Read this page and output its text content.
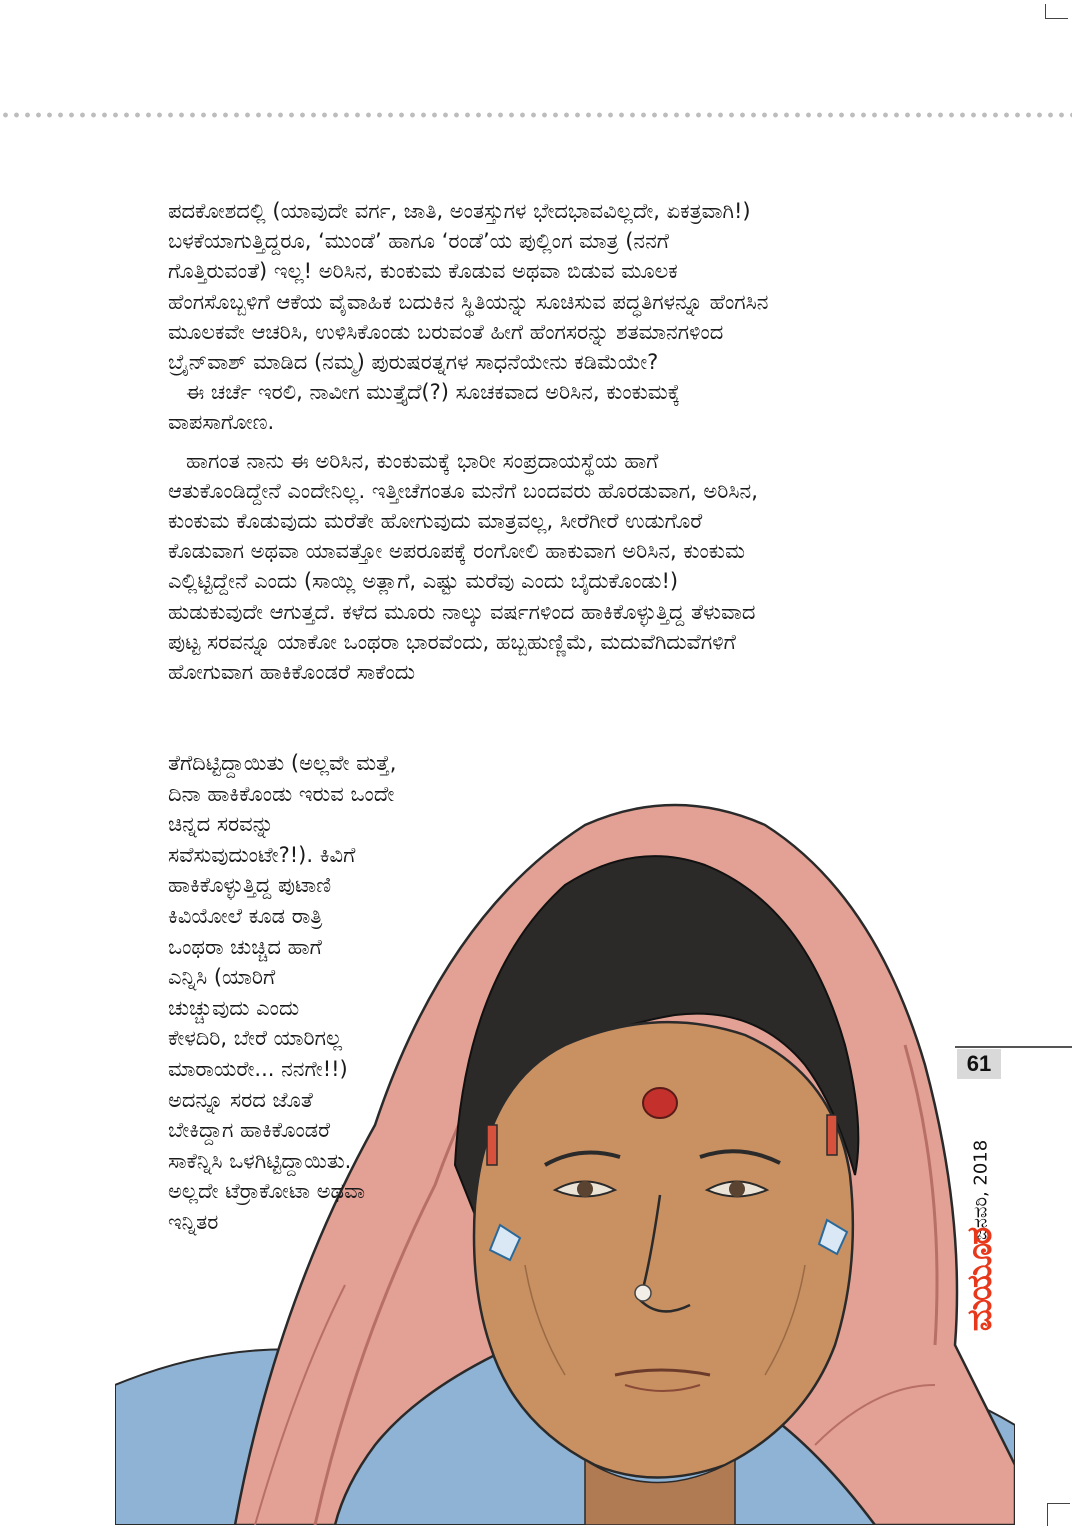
ಪದಕೋಶದಲ್ಲಿ (ಯಾವುದೇ ವರ್ಗ, ಜಾತಿ, ಅಂತಸ್ತುಗಳ ಭೇದಭಾವವಿಲ್ಲದೇ, ಏಕತ್ರವಾಗಿ!)
ಬಳಕೆಯಾಗುತ್ತಿದ್ದರೂ, ‘ಮುಂಡೆ’ ಹಾಗೂ ‘ರಂಡೆ’ಯ ಪುಲ್ಲಿಂಗ ಮಾತ್ರ (ನನಗೆ
ಗೊತ್ತಿರುವಂತೆ) ಇಲ್ಲ! ಅರಿಸಿನ, ಕುಂಕುಮ ಕೊಡುವ ಅಥವಾ ಬಿಡುವ ಮೂಲಕ
ಹೆಂಗಸೊಬ್ಬಳಿಗೆ ಆಕೆಯ ವೈವಾಹಿಕ ಬದುಕಿನ ಸ್ಥಿತಿಯನ್ನು ಸೂಚಿಸುವ ಪದ್ಧತಿಗಳನ್ನೂ ಹೆಂಗಸಿನ
ಮೂಲಕವೇ ಆಚರಿಸಿ, ಉಳಿಸಿಕೊಂಡು ಬರುವಂತೆ ಹೀಗೆ ಹೆಂಗಸರನ್ನು ಶತಮಾನಗಳಿಂದ
ಬ್ರೈನ್‌ವಾಶ್ ಮಾಡಿದ (ನಮ್ಮ) ಪುರುಷರತ್ನಗಳ ಸಾಧನೆಯೇನು ಕಡಿಮೆಯೇ?
ಈ ಚರ್ಚೆ ಇರಲಿ, ನಾವೀಗ ಮುತ್ತೈದೆ(?) ಸೂಚಕವಾದ ಅರಿಸಿನ, ಕುಂಕುಮಕ್ಕೆ
ವಾಪಸಾಗೋಣ.
ಹಾಗಂತ ನಾನು ಈ ಅರಿಸಿನ, ಕುಂಕುಮಕ್ಕೆ ಭಾರೀ ಸಂಪ್ರದಾಯಸ್ಥೆಯ ಹಾಗೆ
ಆತುಕೊಂಡಿದ್ದೇನೆ ಎಂದೇನಿಲ್ಲ. ಇತ್ತೀಚೆಗಂತೂ ಮನೆಗೆ ಬಂದವರು ಹೊರಡುವಾಗ, ಅರಿಸಿನ,
ಕುಂಕುಮ ಕೊಡುವುದು ಮರೆತೇ ಹೋಗುವುದು ಮಾತ್ರವಲ್ಲ, ಸೀರೆಗೀರೆ ಉಡುಗೊರೆ
ಕೊಡುವಾಗ ಅಥವಾ ಯಾವತ್ತೋ ಅಪರೂಪಕ್ಕೆ ರಂಗೋಲಿ ಹಾಕುವಾಗ ಅರಿಸಿನ, ಕುಂಕುಮ
ಎಲ್ಲಿಟ್ಟಿದ್ದೇನೆ ಎಂದು (ಸಾಯ್ಲಿ ಅತ್ಲಾಗೆ, ಎಷ್ಟು ಮರೆವು ಎಂದು ಬೈದುಕೊಂಡು!)
ಹುಡುಕುವುದೇ ಆಗುತ್ತದೆ. ಕಳೆದ ಮೂರು ನಾಲ್ಕು ವರ್ಷಗಳಿಂದ ಹಾಕಿಕೊಳ್ಳುತ್ತಿದ್ದ ತೆಳುವಾದ
ಪುಟ್ಟ ಸರವನ್ನೂ ಯಾಕೋ ಒಂಥರಾ ಭಾರವೆಂದು, ಹಬ್ಬಹುಣ್ಣಿಮೆ, ಮದುವೆಗಿದುವೆಗಳಿಗೆ
ಹೋಗುವಾಗ ಹಾಕಿಕೊಂಡರೆ ಸಾಕೆಂದು
ತೆಗೆದಿಟ್ಟಿದ್ದಾಯಿತು (ಅಲ್ಲವೇ ಮತ್ತೆ,
ದಿನಾ ಹಾಕಿಕೊಂಡು ಇರುವ ಒಂದೇ
ಚಿನ್ನದ ಸರವನ್ನು
ಸವೆಸುವುದುಂಟೇ?!). ಕಿವಿಗೆ
ಹಾಕಿಕೊಳ್ಳುತ್ತಿದ್ದ ಪುಟಾಣಿ
ಕಿವಿಯೋಲೆ ಕೂಡ ರಾತ್ರಿ
ಒಂಥರಾ ಚುಚ್ಚಿದ ಹಾಗೆ
ಎನ್ನಿಸಿ (ಯಾರಿಗೆ
ಚುಚ್ಚುವುದು ಎಂದು
ಕೇಳದಿರಿ, ಬೇರೆ ಯಾರಿಗಲ್ಲ
ಮಾರಾಯರೇ... ನನಗೇ!!)
ಅದನ್ನೂ ಸರದ ಜೊತೆ
ಬೇಕಿದ್ದಾಗ ಹಾಕಿಕೊಂಡರೆ
ಸಾಕೆನ್ನಿಸಿ ಒಳಗಿಟ್ಟಿದ್ದಾಯಿತು.
ಅಲ್ಲದೇ ಟೆರ್ರಾಕೋಟಾ ಅಥವಾ
ಇನ್ನಿತರ	ಜನವರಿ, 2018
ಮಯೂರ
61
